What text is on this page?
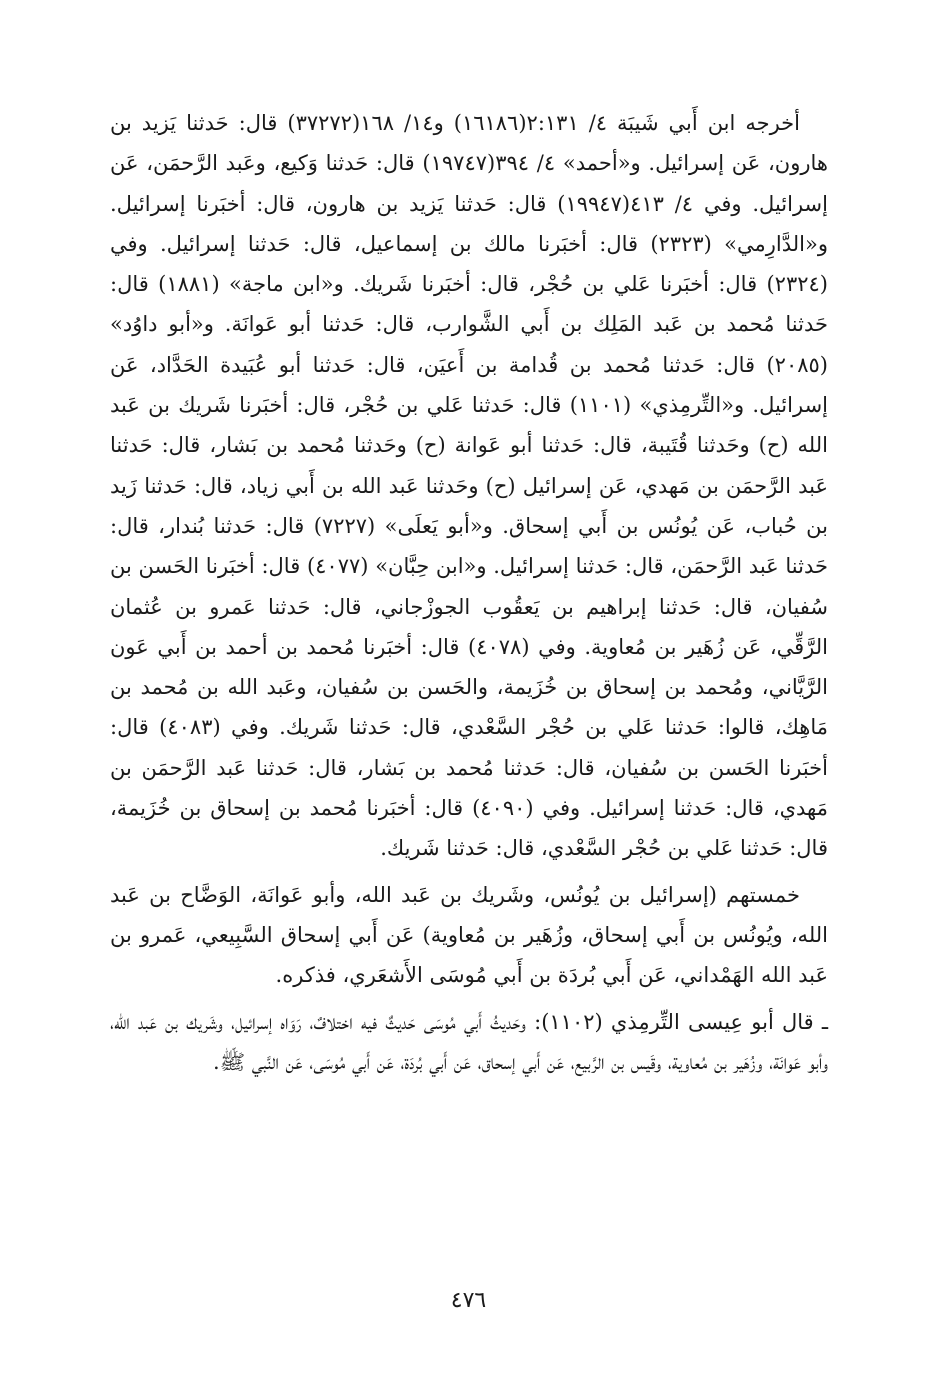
أخرجه ابن أَبي شَيبَة ٤/ ٢:١٣١(١٦١٨٦) و١٤/ ١٦٨(٣٧٢٧٢) قال: حَدثنا يَزيد بن هارون، عَن إسرائيل. و«أحمد» ٤/ ٣٩٤(١٩٧٤٧) قال: حَدثنا وَكيع، وعَبد الرَّحمَن، عَن إسرائيل. وفي ٤/ ٤١٣(١٩٩٤٧) قال: حَدثنا يَزيد بن هارون، قال: أخبَرنا إسرائيل. و«الدَّارِمي» (٢٣٢٣) قال: أخبَرنا مالك بن إسماعيل، قال: حَدثنا إسرائيل. وفي (٢٣٢٤) قال: أخبَرنا عَلي بن حُجْر، قال: أخبَرنا شَريك. و«ابن ماجة» (١٨٨١) قال: حَدثنا مُحمد بن عَبد المَلِك بن أَبي الشَّوارب، قال: حَدثنا أبو عَوانَة. و«أبو داوُد» (٢٠٨٥) قال: حَدثنا مُحمد بن قُدامة بن أَعيَن، قال: حَدثنا أبو عُبَيدة الحَدَّاد، عَن إسرائيل. و«التِّرمِذي» (١١٠١) قال: حَدثنا عَلي بن حُجْر، قال: أخبَرنا شَريك بن عَبد الله (ح) وحَدثنا قُتَيبة، قال: حَدثنا أبو عَوانة (ح) وحَدثنا مُحمد بن بَشار، قال: حَدثنا عَبد الرَّحمَن بن مَهدي، عَن إسرائيل (ح) وحَدثنا عَبد الله بن أَبي زياد، قال: حَدثنا زَيد بن حُباب، عَن يُونُس بن أَبي إسحاق. و«أبو يَعلَى» (٧٢٢٧) قال: حَدثنا بُندار، قال: حَدثنا عَبد الرَّحمَن، قال: حَدثنا إسرائيل. و«ابن حِبَّان» (٤٠٧٧) قال: أخبَرنا الحَسن بن سُفيان، قال: حَدثنا إبراهيم بن يَعقُوب الجوزْجاني، قال: حَدثنا عَمرو بن عُثمان الرَّقِّي، عَن زُهَير بن مُعاوية. وفي (٤٠٧٨) قال: أخبَرنا مُحمد بن أحمد بن أَبي عَون الرَّيَّاني، ومُحمد بن إسحاق بن خُزَيمة، والحَسن بن سُفيان، وعَبد الله بن مُحمد بن مَاهِك، قالوا: حَدثنا عَلي بن حُجْر السَّعْدي، قال: حَدثنا شَريك. وفي (٤٠٨٣) قال: أخبَرنا الحَسن بن سُفيان، قال: حَدثنا مُحمد بن بَشار، قال: حَدثنا عَبد الرَّحمَن بن مَهدي، قال: حَدثنا إسرائيل. وفي (٤٠٩٠) قال: أخبَرنا مُحمد بن إسحاق بن خُزَيمة، قال: حَدثنا عَلي بن حُجْر السَّعْدي، قال: حَدثنا شَريك.

خمستهم (إسرائيل بن يُونُس، وشَريك بن عَبد الله، وأبو عَوانَة، الوَضَّاح بن عَبد الله، ويُونُس بن أَبي إسحاق، وزُهَير بن مُعاوية) عَن أَبي إسحاق السَّبِيعي، عَمرو بن عَبد الله الهَمْداني، عَن أَبي بُردَة بن أَبي مُوسَى الأَشعَري، فذكره.

ـ قال أبو عِيسى التِّرمِذي (١١٠٢): وحَديثُ أَبي مُوسَى حَديثٌ فيه اختلافٌ، رَوَاه إسرائيل، وشَريك بن عَبد الله، وأبو عَوانَة، وزُهَير بن مُعاوية، وقَيس بن الرَّبيع، عَن أَبي إسحاق، عَن أَبي بُردَة، عَن أَبي مُوسَى، عَن النَّبي ﷺ.

٤٧٦
